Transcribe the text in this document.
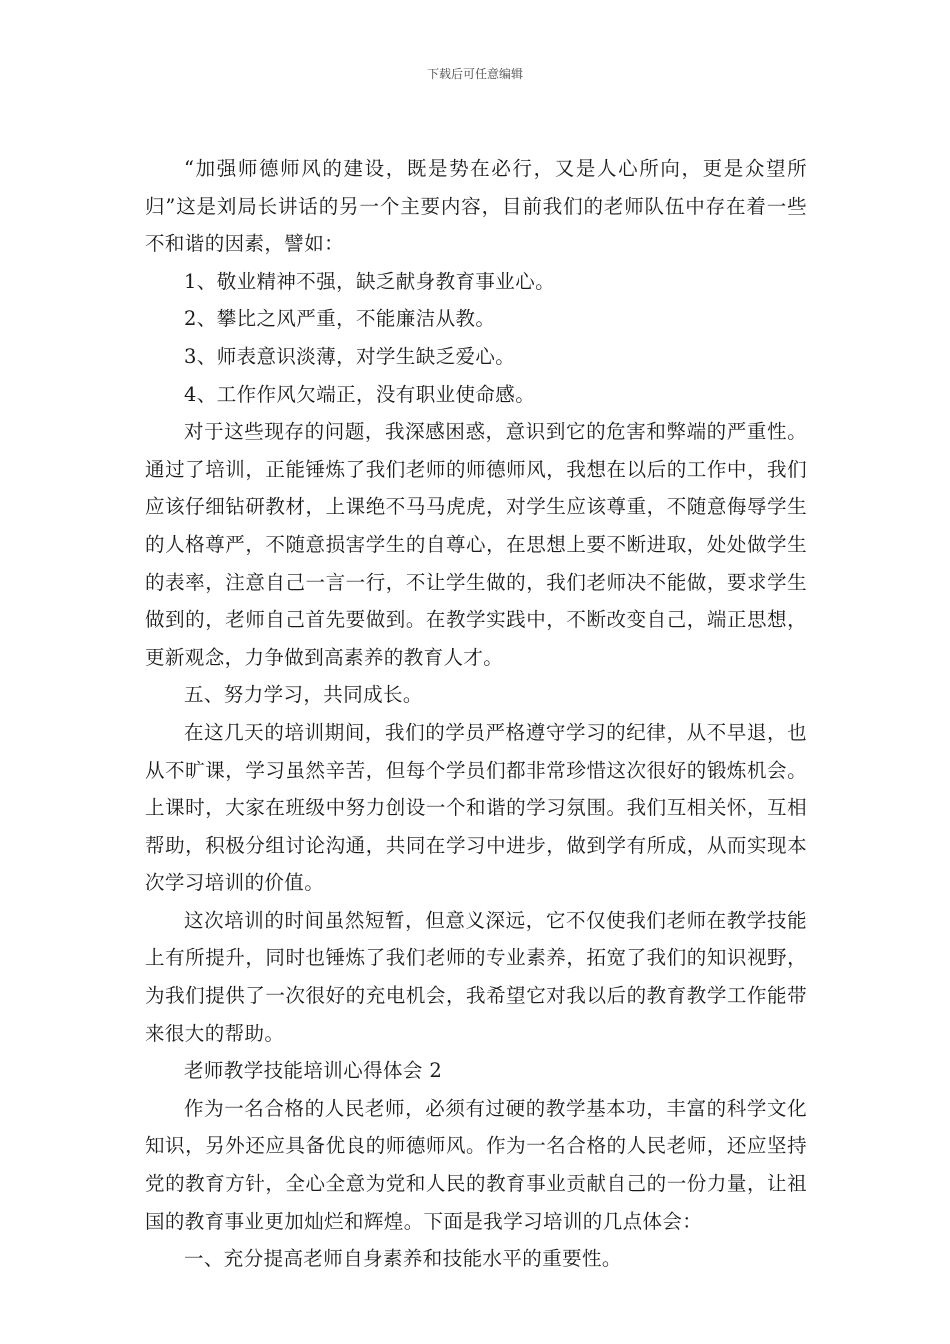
下载后可任意编辑

“加强师德师风的建设，既是势在必行，又是人心所向，更是众望所归”这是刘局长讲话的另一个主要内容，目前我们的老师队伍中存在着一些不和谐的因素，譬如：

1、敬业精神不强，缺乏献身教育事业心。

2、攀比之风严重，不能廉洁从教。

3、师表意识淡薄，对学生缺乏爱心。

4、工作作风欠端正，没有职业使命感。

对于这些现存的问题，我深感困惑，意识到它的危害和弊端的严重性。通过了培训，正能锤炼了我们老师的师德师风，我想在以后的工作中，我们应该仔细钻研教材，上课绝不马马虎虎，对学生应该尊重，不随意侮辱学生的人格尊严，不随意损害学生的自尊心，在思想上要不断进取，处处做学生的表率，注意自己一言一行，不让学生做的，我们老师决不能做，要求学生做到的，老师自己首先要做到。在教学实践中，不断改变自己，端正思想，更新观念，力争做到高素养的教育人才。

五、努力学习，共同成长。

在这几天的培训期间，我们的学员严格遵守学习的纪律，从不早退，也从不旷课，学习虽然辛苦，但每个学员们都非常珍惜这次很好的锻炼机会。上课时，大家在班级中努力创设一个和谐的学习氛围。我们互相关怀，互相帮助，积极分组讨论沟通，共同在学习中进步，做到学有所成，从而实现本次学习培训的价值。

这次培训的时间虽然短暂，但意义深远，它不仅使我们老师在教学技能上有所提升，同时也锤炼了我们老师的专业素养，拓宽了我们的知识视野，为我们提供了一次很好的充电机会，我希望它对我以后的教育教学工作能带来很大的帮助。

老师教学技能培训心得体会 2

作为一名合格的人民老师，必须有过硬的教学基本功，丰富的科学文化知识，另外还应具备优良的师德师风。作为一名合格的人民老师，还应坚持党的教育方针，全心全意为党和人民的教育事业贡献自己的一份力量，让祖国的教育事业更加灿烂和辉煌。下面是我学习培训的几点体会：

一、充分提高老师自身素养和技能水平的重要性。
